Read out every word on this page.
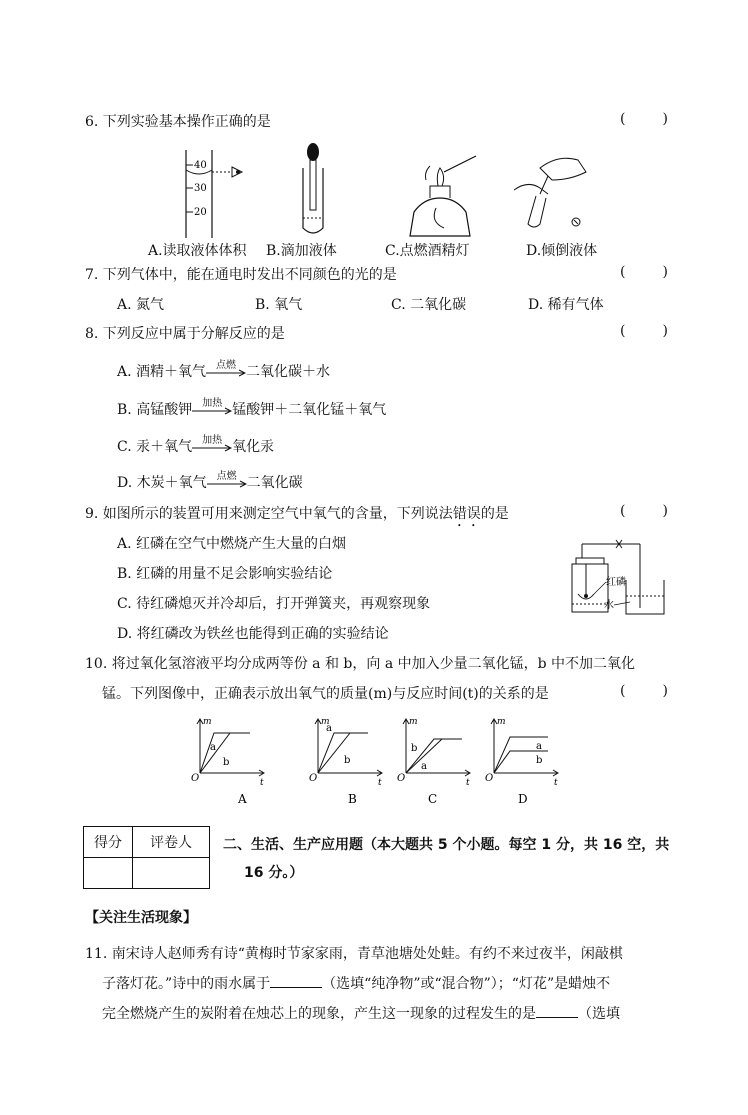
6. 下列实验基本操作正确的是
( )
40
30
20
A.读取液体体积 B.滴加液体	C.点燃酒精灯	D.倾倒液体
7. 下列气体中，能在通电时发出不同颜色的光的是
( )
A. 氮气	B. 氧气	C. 二氧化碳	D. 稀有气体
8. 下列反应中属于分解反应的是
( )
A. 酒精＋氧气	点燃 二氧化碳＋水
B. 高锰酸钾	加热 锰酸钾＋二氧化锰＋氧气
C. 汞＋氧气	加热 氧化汞
D. 木炭＋氧气	点燃 二氧化碳
9. 如图所示的装置可用来测定空气中氧气的含量，下列说法错误的是
( )
A. 红磷在空气中燃烧产生大量的白烟
B. 红磷的用量不足会影响实验结论
C. 待红磷熄灭并冷却后，打开弹簧夹，再观察现象
D. 将红磷改为铁丝也能得到正确的实验结论
红磷
水
10. 将过氧化氢溶液平均分成两等份 a 和 b，向 a 中加入少量二氧化锰，b 中不加二氧化
锰。下列图像中，正确表示放出氧气的质量(m)与反应时间(t)的关系的是
( )
m
t
O
a
b
A
m
t
O
a
b
B
m
t
O
b
a
C
m
t
O
a
b
D
得分	评卷人
	二、生活、生产应用题（本大题共 5 个小题。每空 1 分，共 16 空，共
16 分。）
【关注生活现象】
11. 南宋诗人赵师秀有诗“黄梅时节家家雨，青草池塘处处蛙。有约不来过夜半，闲敲棋
子落灯花。”诗中的雨水属于	（选填“纯净物”或“混合物”）；“灯花”是蜡烛不
完全燃烧产生的炭附着在烛芯上的现象，产生这一现象的过程发生的是	（选填
